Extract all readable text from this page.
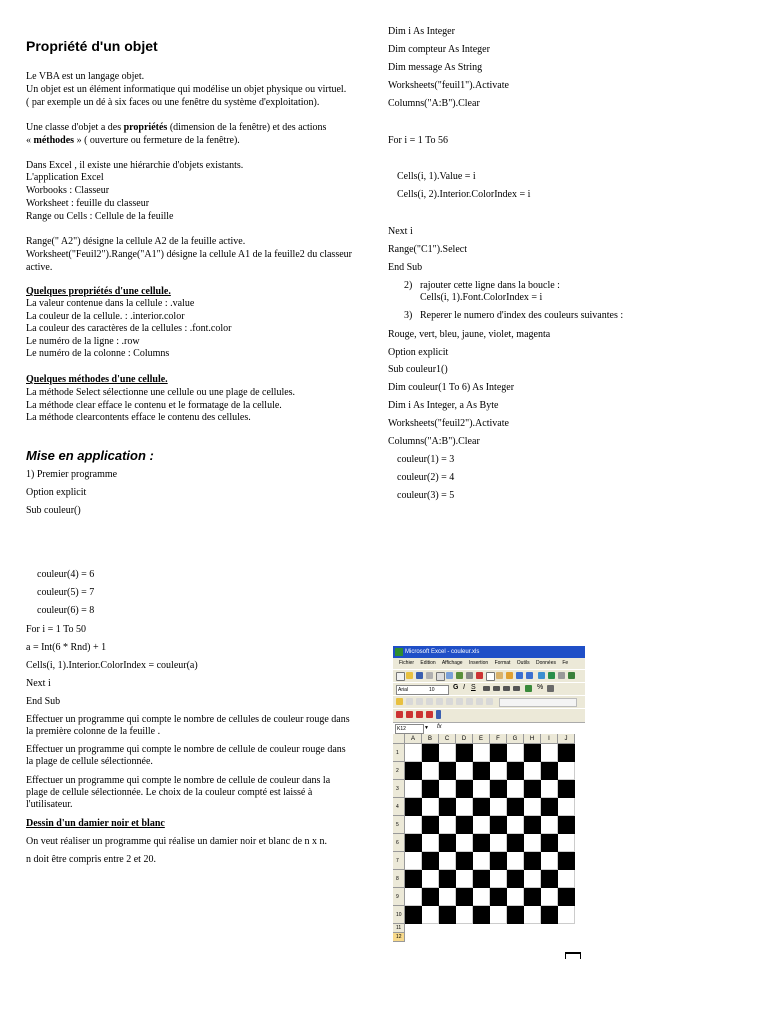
Propriété d'un objet
Le VBA est un langage objet.
Un objet est un élément informatique qui modélise un objet physique ou virtuel.
( par exemple un dé à six faces ou une fenêtre du système d'exploitation).
Une classe d'objet a des propriétés (dimension de la fenêtre) et des actions
« méthodes » ( ouverture ou fermeture de la fenêtre).
Dans Excel , il existe une hiérarchie d'objets existants.
L'application Excel
Worbooks : Classeur
Worksheet : feuille du classeur
Range ou Cells : Cellule de la feuille
Range(" A2") désigne la cellule A2 de la feuille active.
Worksheet("Feuil2").Range("A1") désigne la cellule A1 de la feuille2 du classeur
active.
Quelques propriétés d'une cellule.
La valeur contenue dans la cellule : .value
La couleur de la cellule. : .interior.color
La couleur des caractères de la cellules : .font.color
Le numéro de la ligne : .row
Le numéro de la colonne : Columns
Quelques méthodes d'une cellule.
La méthode Select sélectionne une cellule ou une plage de cellules.
La méthode clear efface le contenu et le formatage de la cellule.
La méthode clearcontents efface le contenu des cellules.
Mise en application :
1) Premier programme
Option explicit
Sub couleur()
couleur(4) = 6
couleur(5) = 7
couleur(6) = 8
For i = 1 To 50
a = Int(6 * Rnd) + 1
Cells(i, 1).Interior.ColorIndex = couleur(a)
Next i
End Sub
Effectuer un programme qui compte le nombre de cellules de couleur rouge dans
la première colonne de la feuille .
Effectuer un programme qui compte le nombre de cellule de couleur rouge dans
la plage de cellule sélectionnée.
Effectuer un programme qui compte le nombre de cellule de couleur dans la
plage de cellule sélectionnée. Le choix de la couleur compté est laissé à
l'utilisateur.
Dessin d'un damier noir et blanc
On veut réaliser un programme qui réalise un damier noir et blanc de n x n.
n doit être compris entre 2 et 20.
Dim i As Integer
Dim compteur As Integer
Dim message As String
Worksheets("feuil1").Activate
Columns("A:B").Clear
For i = 1 To 56
Cells(i, 1).Value = i
Cells(i, 2).Interior.ColorIndex = i
Next i
Range("C1").Select
End Sub
2) rajouter cette ligne dans la boucle :
Cells(i, 1).Font.ColorIndex = i
3) Reperer le numero d'index des couleurs suivantes :
Rouge, vert, bleu, jaune, violet, magenta
Option explicit
Sub couleur1()
Dim couleur(1 To 6) As Integer
Dim i As Integer, a As Byte
Worksheets("feuil2").Activate
Columns("A:B").Clear
couleur(1) = 3
couleur(2) = 4
couleur(3) = 5
Microsoft Excel - couleur.xls
Fichier Edition Affichage Insertion Format Outils Données Fe
Arial	10	G I S	%
K12	▼ fx
A	B	C	D	E	F	G	H	I	J
1
2
3
4
5
6
7
8
9
10
11
12
